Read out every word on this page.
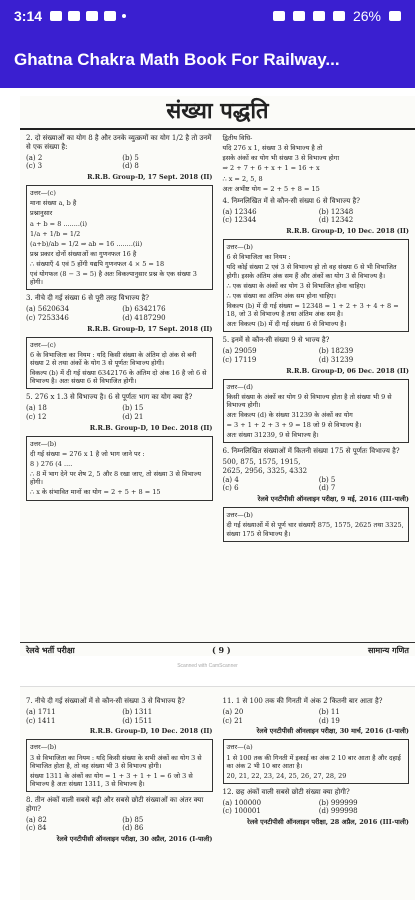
3:14	26%
Ghatna Chakra Math Book For Railway...
संख्या पद्धति
2. दो संख्याओं का योग 8 है और उनके व्युत्क्रमों का योग 1/2 है तो उनमें से एक संख्या है:
(a) 2	(b) 5
(c) 3	(d) 8
R.R.B. Group-D, 17 Sept. 2018 (II)
उत्तर—(c)
माना संख्या a, b है
प्रश्नानुसार
a + b = 8 ........(i)
1/a + 1/b = 1/2
(a+b)/ab = 1/2 ⇒ ab = 16 ........(ii)
प्रश्न प्रकार दोनों संख्याओं का गुणनफल 16 है
∴ संख्याएँ 4 एवं 5 होंगी यद्यपि गुणनफल 4 × 5 = 18
एवं योगफल (8 − 3 = 5) है अतः विकल्पानुसार प्रश्न के एक संख्या 3 होगी।
3. नीचे दी गई संख्या 6 से पूरी तरह विभाज्य है?
(a) 5620634	(b) 6342176
(c) 7253346	(d) 4187290
R.R.B. Group-D, 17 Sept. 2018 (II)
उत्तर—(c)
6 के विभाजिता का नियम : यदि किसी संख्या के अंतिम दो अंक से बनी संख्या 2 से तथा अंकों के योग 3 से पूर्णतः विभाज्य होगी।
विकल्प (b) में दी गई संख्या 6342176 के अंतिम दो अंक 16 है जो 6 से विभाज्य है। अतः संख्या 6 से विभाजित होगी।
5. 276 x 1.3 से विभाज्य है। 6 से पूर्णतः भाग का योग क्या है?
(a) 18	(b) 15
(c) 12	(d) 21
R.R.B. Group-D, 10 Dec. 2018 (II)
उत्तर—(b)
दी गई संख्या = 276 x 1 है जो भाग जाने पर :
8 ) 276 (4 ....
∴ 8 में भाग देने पर शेष 2, 5 और 8 रखा जाए, तो संख्या 3 से विभाज्य होगी।
∴ x के संभावित मानों का योग = 2 + 5 + 8 = 15
द्वितीय विधि-
यदि 276 x 1, संख्या 3 से विभाज्य है तो
इसके अंकों का योग भी संख्या 3 से विभाज्य होगा
⇒ 2 + 7 + 6 + x + 1 = 16 + x
∴ x = 2, 5, 8
अतः अभीष्ट योग = 2 + 5 + 8 = 15
4. निम्नलिखित में से कौन-सी संख्या 6 से विभाज्य है?
(a) 12346	(b) 12348
(c) 12344	(d) 12342
R.R.B. Group-D, 10 Dec. 2018 (II)
उत्तर—(b)
6 से विभाजिता का नियम :
यदि कोई संख्या 2 एवं 3 से विभाज्य हो तो वह संख्या 6 से भी विभाजित होगी। इसके अंतिम अंक सम हैं और अंकों का योग 3 से विभाज्य है।
∴ एक संख्या के अंकों का योग 3 से विभाजित होना चाहिए।
∴ एक संख्या का अंतिम अंक सम होना चाहिए।
विकल्प (b) में दी गई संख्या = 12348 = 1 + 2 + 3 + 4 + 8 = 18, जो 3 से विभाज्य है तथा अंतिम अंक सम है।
अतः विकल्प (b) में दी गई संख्या 6 से विभाज्य है।
5. इनमें से कौन-सी संख्या 9 से भाज्य है?
(a) 29059	(b) 18239
(c) 17119	(d) 31239
R.R.B. Group-D, 06 Dec. 2018 (II)
उत्तर—(d)
किसी संख्या के अंकों का योग 9 से विभाज्य होता है तो संख्या भी 9 से विभाज्य होगी।
अतः विकल्प (d) के संख्या 31239 के अंकों का योग
= 3 + 1 + 2 + 3 + 9 = 18 जो 9 से विभाज्य है।
अतः संख्या 31239, 9 से विभाज्य है।
6. निम्नलिखित संख्याओं में कितनी संख्या 175 से पूर्णतः विभाज्य है?
500, 875, 1575, 1915, 2625, 2956, 3325, 4332
(a) 4	(b) 5
(c) 6	(d) 7
रेलवे एनटीपीसी ऑनलाइन परीक्षा, 9 मई, 2016 (III-पाली)
उत्तर—(b)
दी गई संख्याओं में से पूर्ण चार संख्याएँ 875, 1575, 2625 तथा 3325, संख्या 175 से विभाज्य है।
रेलवे भर्ती परीक्षा	( 9 )	सामान्य गणित
Scanned with CamScanner
7. नीचे दी गई संख्याओं में से कौन-सी संख्या 3 से विभाज्य है?
(a) 1711	(b) 1311
(c) 1411	(d) 1511
R.R.B. Group-D, 10 Dec. 2018 (II)
उत्तर—(b)
3 से विभाजिता का नियम : यदि किसी संख्या के सभी अंकों का योग 3 से विभाजित होता है, तो वह संख्या भी 3 से विभाज्य होगी।
संख्या 1311 के अंकों का योग = 1 + 3 + 1 + 1 = 6 जो 3 से विभाज्य है अतः संख्या 1311, 3 से विभाज्य है।
8. तीन अंकों वाली सबसे बड़ी और सबसे छोटी संख्याओं का अंतर क्या होगा?
(a) 82	(b) 85
(c) 84	(d) 86
रेलवे एनटीपीसी ऑनलाइन परीक्षा, 30 अप्रैल, 2016 (I-पाली)
11. 1 से 100 तक की गिनती में अंक 2 कितनी बार आता है?
(a) 20	(b) 11
(c) 21	(d) 19
रेलवे एनटीपीसी ऑनलाइन परीक्षा, 30 मार्च, 2016 (I-पाली)
उत्तर—(a)
1 से 100 तक की गिनती में इकाई का अंक 2 10 बार आता है और दहाई का अंक 2 भी 10 बार आता है।
20, 21, 22, 23, 24, 25, 26, 27, 28, 29
12. छह अंकों वाली सबसे छोटी संख्या क्या होगी?
(a) 100000	(b) 999999
(c) 100001	(d) 999998
रेलवे एनटीपीसी ऑनलाइन परीक्षा, 28 अप्रैल, 2016 (III-पाली)
